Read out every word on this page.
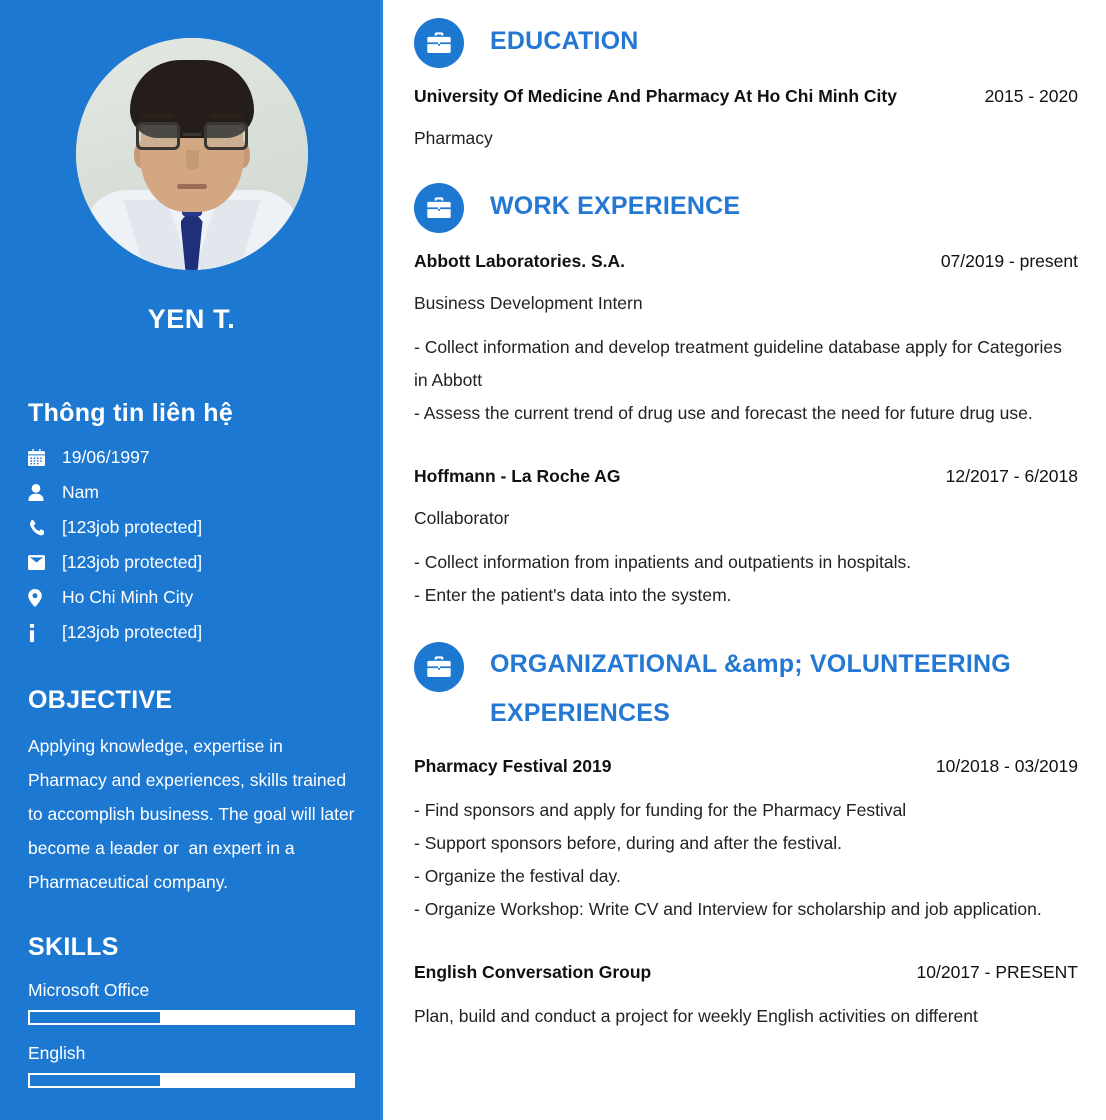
YEN T.
Thông tin liên hệ
19/06/1997
Nam
[123job protected]
[123job protected]
Ho Chi Minh City
[123job protected]
OBJECTIVE
Applying knowledge, expertise in Pharmacy and experiences, skills trained to accomplish business. The goal will later become a leader or  an expert in a Pharmaceutical company.
SKILLS
Microsoft Office
English
EDUCATION
University Of Medicine And Pharmacy At Ho Chi Minh City	2015 - 2020
Pharmacy
WORK EXPERIENCE
Abbott Laboratories. S.A.	07/2019 - present
Business Development Intern
- Collect information and develop treatment guideline database apply for Categories in Abbott
- Assess the current trend of drug use and forecast the need for future drug use.
Hoffmann - La Roche AG	12/2017 - 6/2018
Collaborator
- Collect information from inpatients and outpatients in hospitals.
- Enter the patient's data into the system.
ORGANIZATIONAL &amp; VOLUNTEERING EXPERIENCES
Pharmacy Festival 2019	10/2018 - 03/2019
- Find sponsors and apply for funding for the Pharmacy Festival
- Support sponsors before, during and after the festival.
- Organize the festival day.
- Organize Workshop: Write CV and Interview for scholarship and job application.
English Conversation Group	10/2017 - PRESENT
Plan, build and conduct a project for weekly English activities on different
